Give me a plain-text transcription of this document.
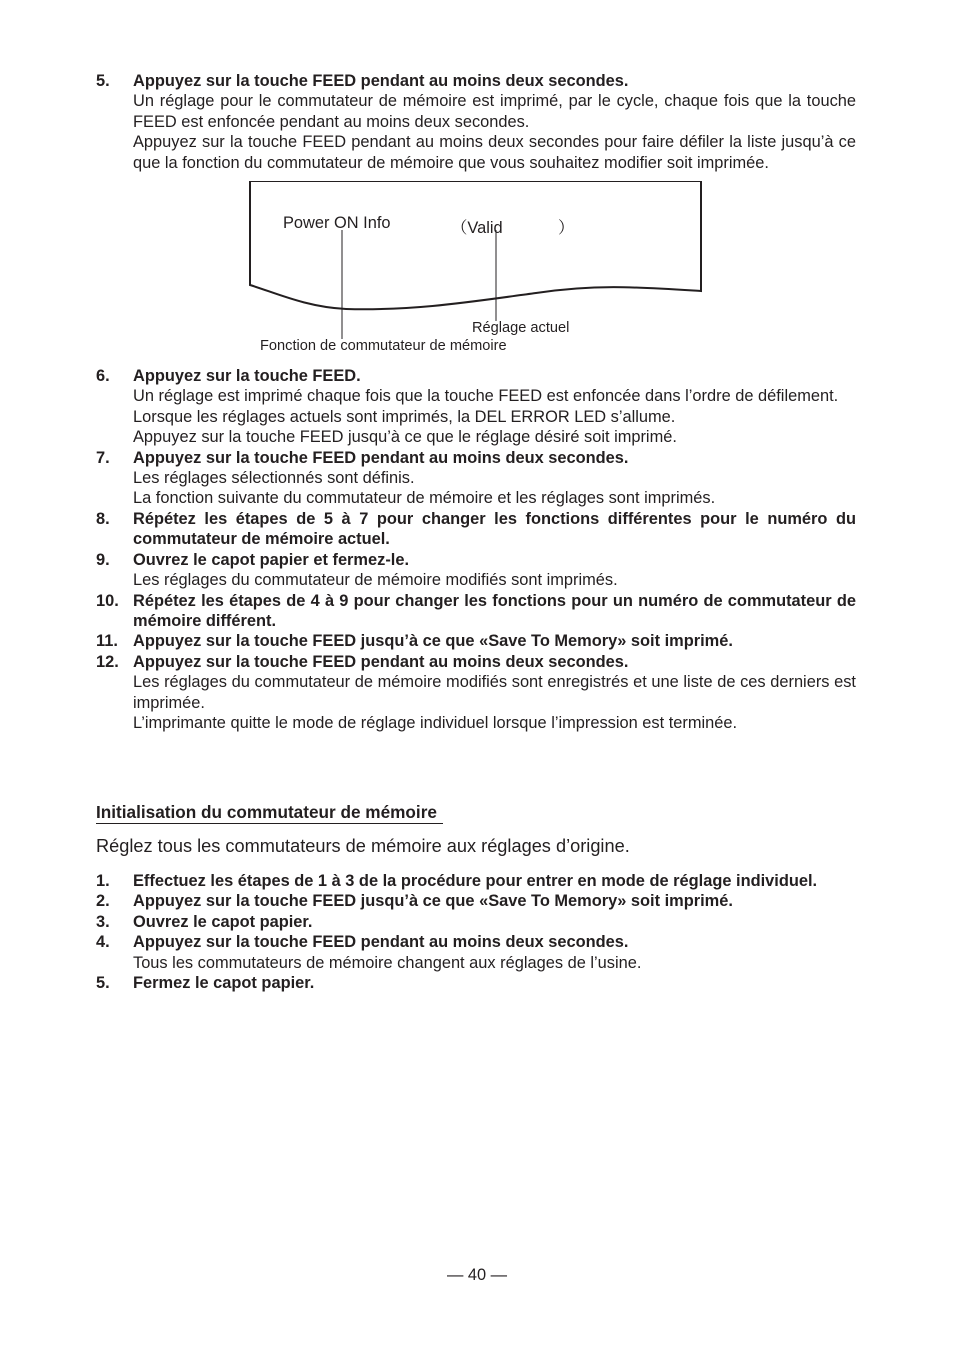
5. Appuyez sur la touche FEED pendant au moins deux secondes.
Un réglage pour le commutateur de mémoire est imprimé, par le cycle, chaque fois que la touche FEED est enfoncée pendant au moins deux secondes.
Appuyez sur la touche FEED pendant au moins deux secondes pour faire défiler la liste jusqu’à ce que la fonction du commutateur de mémoire que vous souhaitez modifier soit imprimée.
Power ON Info	（Valid	）
Réglage actuel
Fonction de commutateur de mémoire
6. Appuyez sur la touche FEED.
Un réglage est imprimé chaque fois que la touche FEED est enfoncée dans l’ordre de défilement.
Lorsque les réglages actuels sont imprimés, la DEL ERROR LED s’allume.
Appuyez sur la touche FEED jusqu’à ce que le réglage désiré soit imprimé.
7. Appuyez sur la touche FEED pendant au moins deux secondes.
Les réglages sélectionnés sont définis.
La fonction suivante du commutateur de mémoire et les réglages sont imprimés.
8. Répétez les étapes de 5 à 7 pour changer les fonctions différentes pour le numéro du commutateur de mémoire actuel.
9. Ouvrez le capot papier et fermez-le.
Les réglages du commutateur de mémoire modifiés sont imprimés.
10. Répétez les étapes de 4 à 9 pour changer les fonctions pour un numéro de commutateur de mémoire différent.
11. Appuyez sur la touche FEED jusqu’à ce que «Save To Memory» soit imprimé.
12. Appuyez sur la touche FEED pendant au moins deux secondes.
Les réglages du commutateur de mémoire modifiés sont enregistrés et une liste de ces derniers est imprimée.
L’imprimante quitte le mode de réglage individuel lorsque l’impression est terminée.
Initialisation du commutateur de mémoire
Réglez tous les commutateurs de mémoire aux réglages d’origine.
1. Effectuez les étapes de 1 à 3 de la procédure pour entrer en mode de réglage individuel.
2. Appuyez sur la touche FEED jusqu’à ce que «Save To Memory» soit imprimé.
3. Ouvrez le capot papier.
4. Appuyez sur la touche FEED pendant au moins deux secondes.
Tous les commutateurs de mémoire changent aux réglages de l’usine.
5. Fermez le capot papier.
— 40 —
